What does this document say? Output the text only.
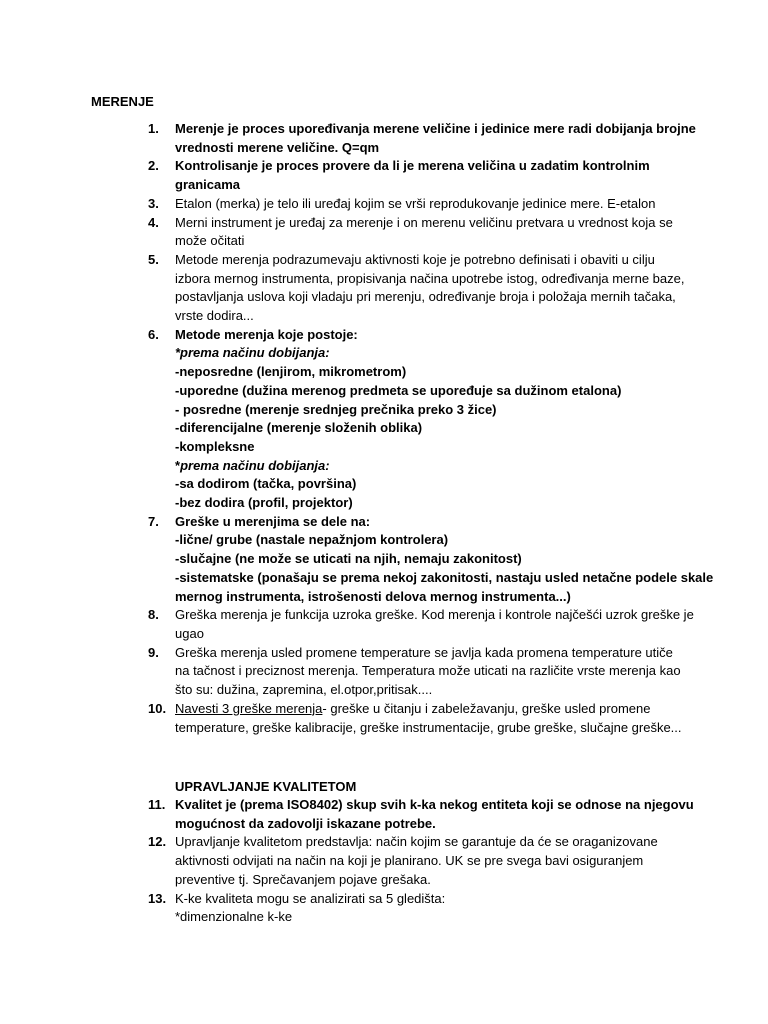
MERENJE
1.	Merenje je proces upoređivanja merene veličine i jedinice mere radi dobijanja brojne
vrednosti merene veličine. Q=qm
2.	Kontrolisanje je proces provere da li je merena veličina u zadatim kontrolnim
granicama
3.	Etalon (merka) je telo ili uređaj kojim se vrši reprodukovanje jedinice mere. E-etalon
4.	Merni instrument je uređaj za merenje i on merenu veličinu pretvara u vrednost koja se
može očitati
5.	Metode merenja podrazumevaju aktivnosti koje je potrebno definisati i obaviti u cilju
izbora mernog instrumenta, propisivanja načina upotrebe istog, određivanja merne baze,
postavljanja uslova koji vladaju pri merenju, određivanje broja i položaja mernih tačaka,
vrste dodira...
6.	Metode merenja koje postoje:
*prema načinu dobijanja:
-neposredne (lenjirom, mikrometrom)
-uporedne (dužina merenog predmeta se upoređuje sa dužinom etalona)
- posredne (merenje srednjeg prečnika preko 3 žice)
-diferencijalne (merenje složenih oblika)
-kompleksne
*prema načinu dobijanja:
-sa dodirom (tačka, površina)
-bez dodira (profil, projektor)
7.	Greške u merenjima se dele na:
-lične/ grube (nastale nepažnjom kontrolera)
-slučajne (ne može se uticati na njih, nemaju zakonitost)
-sistematske (ponašaju se prema nekoj zakonitosti, nastaju usled netačne podele skale
mernog instrumenta, istrošenosti delova mernog instrumenta...)
8.	Greška merenja je funkcija uzroka greške. Kod merenja i kontrole najčešći uzrok greške je
ugao
9.	Greška merenja usled promene temperature se javlja kada promena temperature utiče
na tačnost i preciznost merenja. Temperatura može uticati na različite vrste merenja kao
što su: dužina, zapremina, el.otpor,pritisak....
10. Navesti 3 greške merenja- greške u čitanju i zabeležavanju, greške usled promene
temperature, greške kalibracije, greške instrumentacije, grube greške, slučajne greške...
UPRAVLJANJE KVALITETOM
11. Kvalitet je (prema ISO8402) skup svih k-ka nekog entiteta koji se odnose na njegovu
mogućnost da zadovolji iskazane potrebe.
12. Upravljanje kvalitetom predstavlja: način kojim se garantuje da će se oraganizovane
aktivnosti odvijati na način na koji je planirano. UK se pre svega bavi osiguranjem
preventive tj. Sprečavanjem pojave grešaka.
13. K-ke kvaliteta mogu se analizirati sa 5 gledišta:
*dimenzionalne k-ke
